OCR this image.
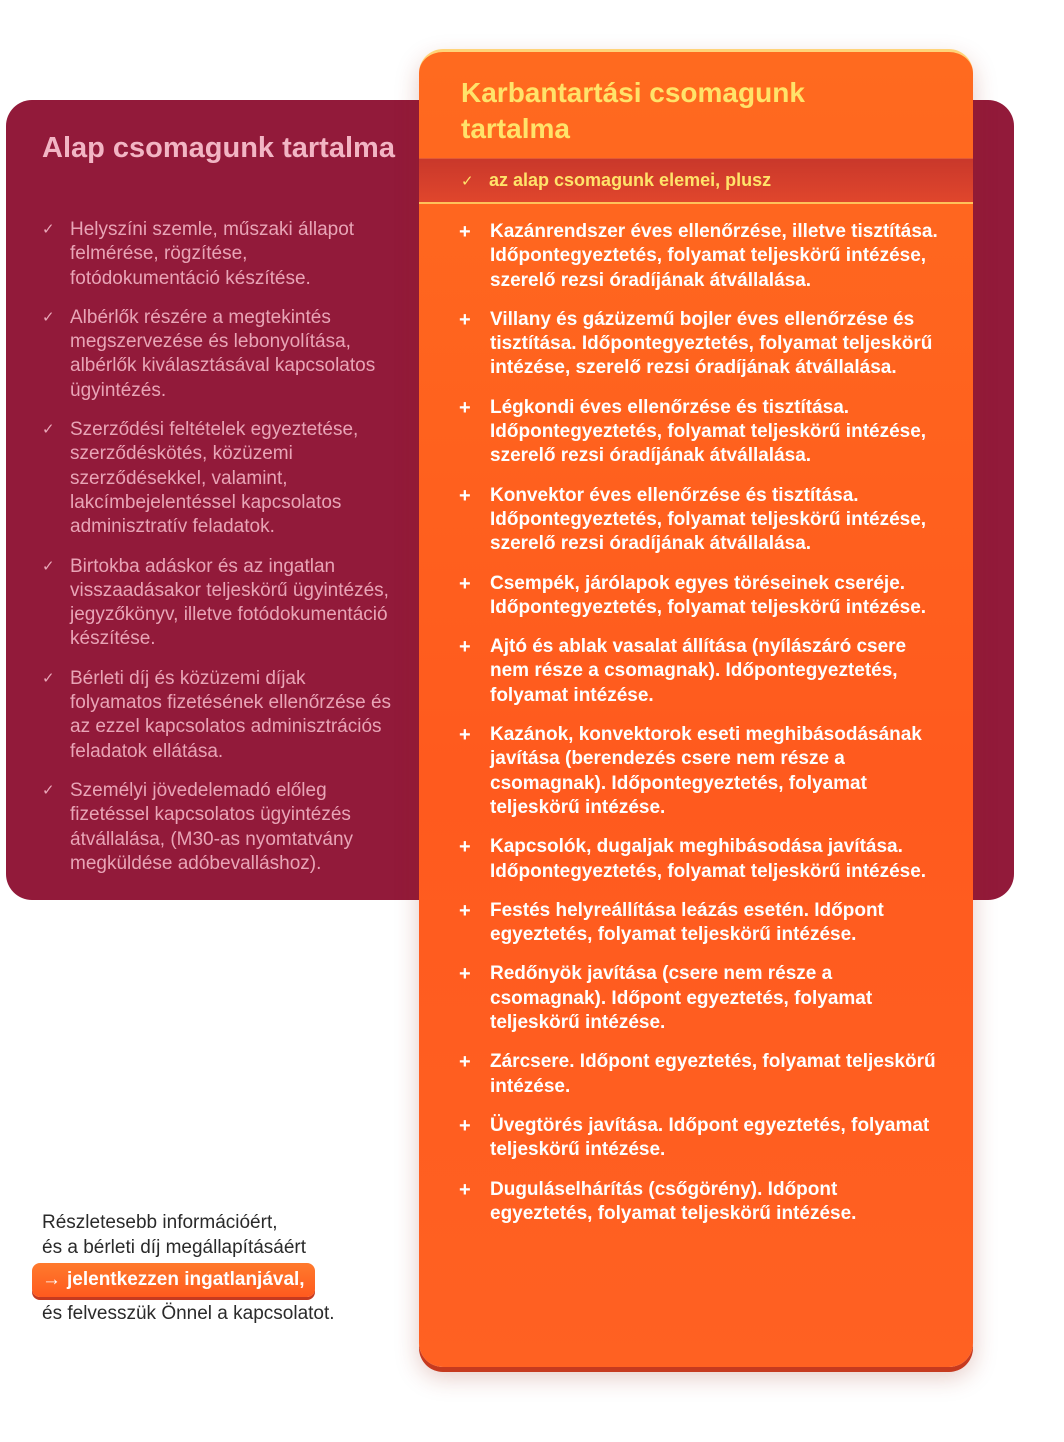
Alap csomagunk tartalma
✓ Helyszíni szemle, műszaki állapot felmérése, rögzítése, fotódokumentáció készítése.
✓ Albérlők részére a megtekintés megszervezése és lebonyolítása, albérlők kiválasztásával kapcsolatos ügyintézés.
✓ Szerződési feltételek egyeztetése, szerződéskötés, közüzemi szerződésekkel, valamint, lakcímbejelentéssel kapcsolatos adminisztratív feladatok.
✓ Birtokba adáskor és az ingatlan visszaadásakor teljeskörű ügyintézés, jegyzőkönyv, illetve fotódokumentáció készítése.
✓ Bérleti díj és közüzemi díjak folyamatos fizetésének ellenőrzése és az ezzel kapcsolatos adminisztrációs feladatok ellátása.
✓ Személyi jövedelemadó előleg fizetéssel kapcsolatos ügyintézés átvállalása, (M30-as nyomtatvány megküldése adóbevalláshoz).
Karbantartási csomagunk tartalma
✓ az alap csomagunk elemei, plusz
+	Kazánrendszer éves ellenőrzése, illetve tisztítása. Időpontegyeztetés, folyamat teljeskörű intézése, szerelő rezsi óradíjának átvállalása.
+	Villany és gázüzemű bojler éves ellenőrzése és tisztítása. Időpontegyeztetés, folyamat teljeskörű intézése, szerelő rezsi óradíjának átvállalása.
+	Légkondi éves ellenőrzése és tisztítása. Időpontegyeztetés, folyamat teljeskörű intézése, szerelő rezsi óradíjának átvállalása.
+	Konvektor éves ellenőrzése és tisztítása. Időpontegyeztetés, folyamat teljeskörű intézése, szerelő rezsi óradíjának átvállalása.
+	Csempék, járólapok egyes töréseinek cseréje. Időpontegyeztetés, folyamat teljeskörű intézése.
+	Ajtó és ablak vasalat állítása (nyílászáró csere nem része a csomagnak). Időpontegyeztetés, folyamat intézése.
+	Kazánok, konvektorok eseti meghibásodásának javítása (berendezés csere nem része a csomagnak). Időpontegyeztetés, folyamat teljeskörű intézése.
+	Kapcsolók, dugaljak meghibásodása javítása. Időpontegyeztetés, folyamat teljeskörű intézése.
+	Festés helyreállítása leázás esetén. Időpont egyeztetés, folyamat teljeskörű intézése.
+	Redőnyök javítása (csere nem része a csomagnak). Időpont egyeztetés, folyamat teljeskörű intézése.
+	Zárcsere. Időpont egyeztetés, folyamat teljeskörű intézése.
+	Üvegtörés javítása. Időpont egyeztetés, folyamat teljeskörű intézése.
+	Duguláselhárítás (csőgörény). Időpont egyeztetés, folyamat teljeskörű intézése.
Részletesebb információért,
és a bérleti díj megállapításáért
→ jelentkezzen ingatlanjával,
és felvesszük Önnel a kapcsolatot.
